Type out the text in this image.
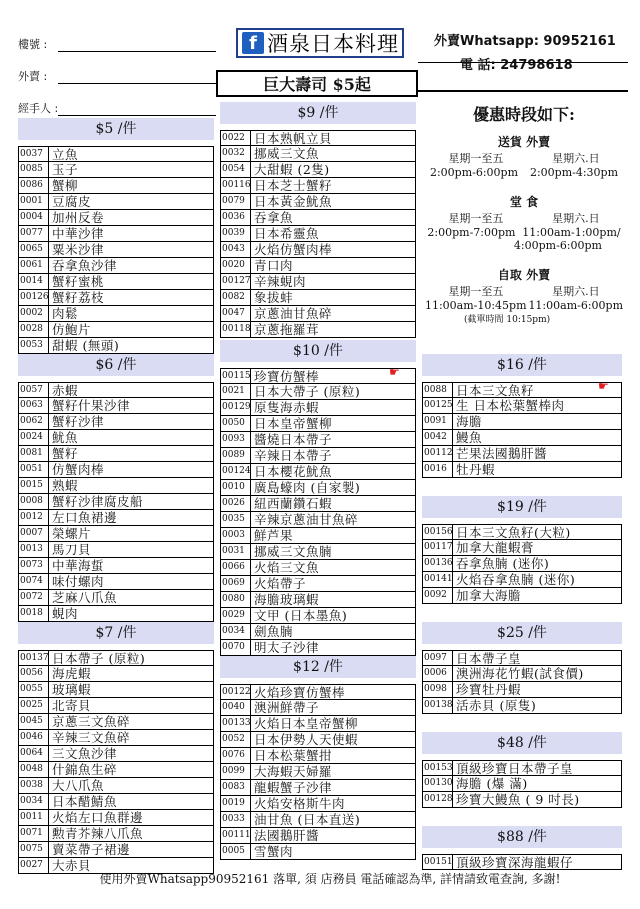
樓號 :
外賣 :
經手人 :
f 酒泉日本料理
巨大壽司 $5起
外賣Whatsapp: 90952161
電 話: 24798618
優惠時段如下:
送貨 外賣
星期一至五	星期六.日
2:00pm-6:00pm 2:00pm-4:30pm
堂 食
星期一至五	星期六.日
2:00pm-7:00pm 11:00am-1:00pm/
4:00pm-6:00pm
自取 外賣
星期一至五	星期六.日
11:00am-10:45pm 11:00am-6:00pm
(截單時間 10:15pm)
$5 /件
0037 立魚
0085 玉子
0086 蟹柳
0001 豆腐皮
0004 加州反卷
0077 中華沙律
0065 粟米沙律
0061 吞拿魚沙律
0014 蟹籽蜜桃
00126 蟹籽荔枝
0002 肉鬆
0028 仿鮑片
0053 甜蝦 (無頭)
$6 /件
0057 赤蝦
0063 蟹籽什果沙律
0062 蟹籽沙律
0024 魷魚
0081 蟹籽
0051 仿蟹肉棒
0015 熟蝦
0008 蟹籽沙律腐皮船
0012 左口魚裙邊
0007 榮螺片
0013 馬刀貝
0073 中華海蜇
0074 味付螺肉
0072 芝麻八爪魚
0018 蜆肉
$7 /件
00137 日本帶子 (原粒)
0056 海虎蝦
0055 玻璃蝦
0025 北寄貝
0045 京蔥三文魚碎
0046 辛辣三文魚碎
0064 三文魚沙律
0048 什錦魚生碎
0038 大八爪魚
0034 日本醋鯖魚
0011 火焰左口魚群邊
0071 勲青芥辣八爪魚
0075 賣菜帶子裙邊
0027 大赤貝
$9 /件
0022 日本熟帆立貝
0032 挪威三文魚
0054 大甜蝦 (2隻)
00116 日本芝士蟹籽
0079 日本黃金魷魚
0036 吞拿魚
0039 日本希靈魚
0043 火焰仿蟹肉棒
0020 青口肉
00127 辛辣蜆肉
0082 象拔蚌
0047 京蔥油甘魚碎
00118 京蔥拖羅茸
$10 /件
00115 珍寶仿蟹棒
0021 日本大帶子 (原粒)
00129 原隻海赤蝦
0050 日本皇帝蟹柳
0093 醬燒日本帶子
0089 辛辣日本帶子
00124 日本櫻花魷魚
0010 廣島蠔肉 (自家製)
0026 紐西蘭鑽石蝦
0035 辛辣京蔥油甘魚碎
0003 鮮芦果
0031 挪威三文魚腩
0066 火焰三文魚
0069 火焰帶子
0080 海膽玻璃蝦
0029 文甲 (日本墨魚)
0034 劍魚腩
0070 明太子沙律
$12 /件
00122 火焰珍寶仿蟹棒
0040 澳洲鮮帶子
00133 火焰日本皇帝蟹柳
0052 日本伊勢人天使蝦
0076 日本松葉蟹拑
0099 大海蝦天婦羅
0083 龍蝦蟹子沙律
0019 火焰安格斯牛肉
0033 油甘魚 (日本直送)
00111 法國鵝肝醬
0005 雪蟹肉
$16 /件
0088 日本三文魚籽
00125 生 日本松葉蟹棒肉
0091 海膽
0042 鰻魚
00112 芒果法國鵝肝醬
0016 牡丹蝦
$19 /件
00156 日本三文魚籽(大粒)
00117 加拿大龍蝦膏
00136 吞拿魚腩 (迷你)
00141 火焰吞拿魚腩 (迷你)
0092 加拿大海膽
$25 /件
0097 日本帶子皇
0006 澳洲海花竹蝦(試食價)
0098 珍寶牡丹蝦
00138 活赤貝 (原隻)
$48 /件
00153 頂級珍寶日本帶子皇
00130 海膽 (爆 滿)
00128 珍寶大鰻魚 ( 9 吋長)
$88 /件
00151 頂級珍寶深海龍蝦仔
☛
☛
使用外賣Whatsapp90952161 落單, 須 店務員 電話確認為準, 詳情請致電查詢, 多謝!
